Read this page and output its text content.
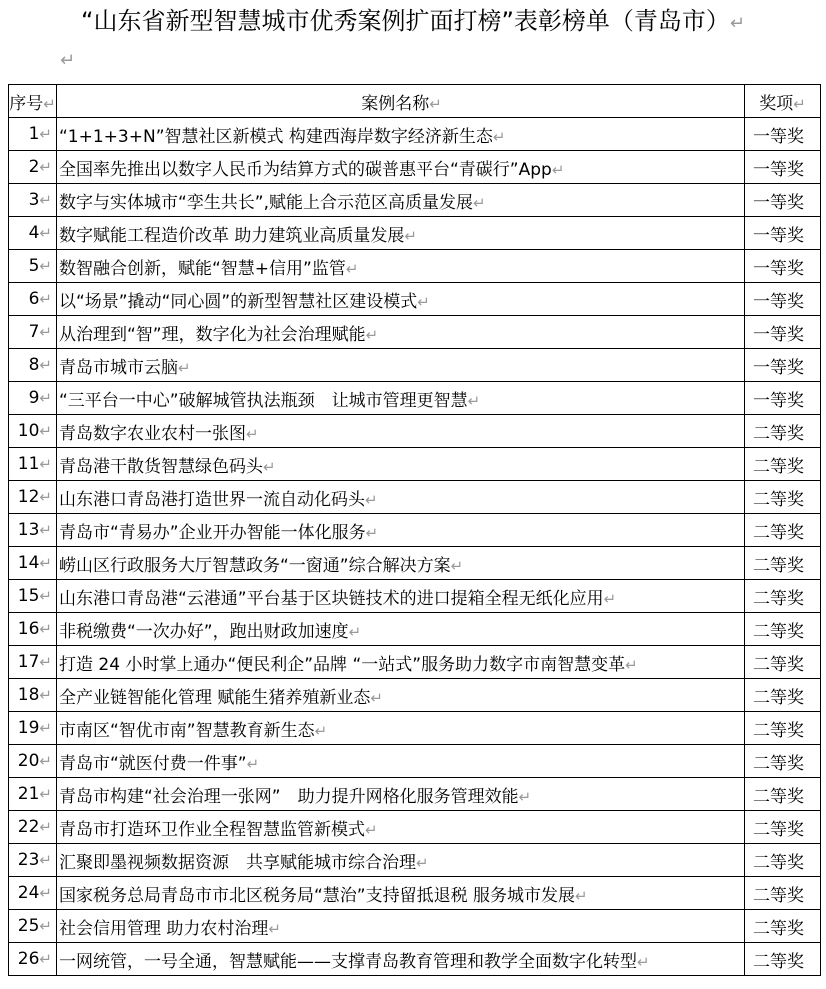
“山东省新型智慧城市优秀案例扩面打榜”表彰榜单（青岛市）↵
↵
序号↵	案例名称↵	奖项↵
1↵	“1+1+3+N”智慧社区新模式 构建西海岸数字经济新生态↵	一等奖
2↵	全国率先推出以数字人民币为结算方式的碳普惠平台“青碳行”App↵	一等奖
3↵	数字与实体城市“孪生共长”,赋能上合示范区高质量发展↵	一等奖
4↵	数字赋能工程造价改革 助力建筑业高质量发展↵	一等奖
5↵	数智融合创新，赋能“智慧+信用”监管↵	一等奖
6↵	以“场景”撬动“同心圆”的新型智慧社区建设模式↵	一等奖
7↵	从治理到“智”理，数字化为社会治理赋能↵	一等奖
8↵	青岛市城市云脑↵	一等奖
9↵	“三平台一中心”破解城管执法瓶颈　让城市管理更智慧↵	一等奖
10↵	青岛数字农业农村一张图↵	二等奖
11↵	青岛港干散货智慧绿色码头↵	二等奖
12↵	山东港口青岛港打造世界一流自动化码头↵	二等奖
13↵	青岛市“青易办”企业开办智能一体化服务↵	二等奖
14↵	崂山区行政服务大厅智慧政务“一窗通”综合解决方案↵	二等奖
15↵	山东港口青岛港“云港通”平台基于区块链技术的进口提箱全程无纸化应用↵	二等奖
16↵	非税缴费“一次办好”，跑出财政加速度↵	二等奖
17↵	打造 24 小时掌上通办“便民利企”品牌 “一站式”服务助力数字市南智慧变革↵	二等奖
18↵	全产业链智能化管理 赋能生猪养殖新业态↵	二等奖
19↵	市南区“智优市南”智慧教育新生态↵	二等奖
20↵	青岛市“就医付费一件事”↵	二等奖
21↵	青岛市构建“社会治理一张网”　助力提升网格化服务管理效能↵	二等奖
22↵	青岛市打造环卫作业全程智慧监管新模式↵	二等奖
23↵	汇聚即墨视频数据资源　共享赋能城市综合治理↵	二等奖
24↵	国家税务总局青岛市市北区税务局“慧治”支持留抵退税 服务城市发展↵	二等奖
25↵	社会信用管理 助力农村治理↵	二等奖
26↵	一网统管，一号全通，智慧赋能——支撑青岛教育管理和教学全面数字化转型↵	二等奖
